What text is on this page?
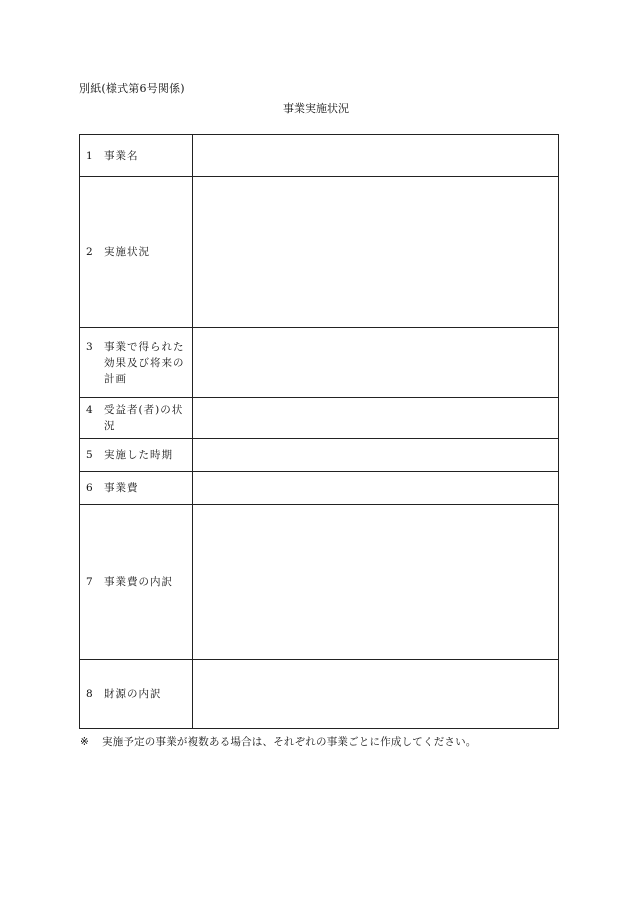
別紙(様式第6号関係)
事業実施状況
1 事業名	

2 実施状況	

3 事業で得られた効果及び将来の計画	

4 受益者(者)の状況	

5 実施した時期	

6 事業費	

7 事業費の内訳	

8 財源の内訳	

※ 実施予定の事業が複数ある場合は、それぞれの事業ごとに作成してください。
